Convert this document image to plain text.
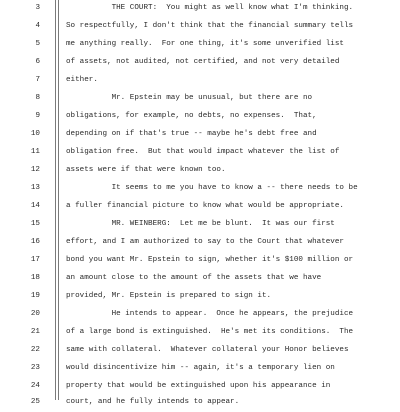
3	THE COURT:  You might as well know what I'm thinking.
4	So respectfully, I don't think that the financial summary tells
5	me anything really.  For one thing, it's some unverified list
6	of assets, not audited, not certified, and not very detailed
7	either.
8	Mr. Epstein may be unusual, but there are no
9	obligations, for example, no debts, no expenses.  That,
10	depending on if that's true -- maybe he's debt free and
11	obligation free.  But that would impact whatever the list of
12	assets were if that were known too.
13	It seems to me you have to know a -- there needs to be
14	a fuller financial picture to know what would be appropriate.
15	MR. WEINBERG:  Let me be blunt.  It was our first
16	effort, and I am authorized to say to the Court that whatever
17	bond you want Mr. Epstein to sign, whether it's $100 million or
18	an amount close to the amount of the assets that we have
19	provided, Mr. Epstein is prepared to sign it.
20	He intends to appear.  Once he appears, the prejudice
21	of a large bond is extinguished.  He's met its conditions.  The
22	same with collateral.  Whatever collateral your Honor believes
23	would disincentivize him -- again, it's a temporary lien on
24	property that would be extinguished upon his appearance in
25	court, and he fully intends to appear.
